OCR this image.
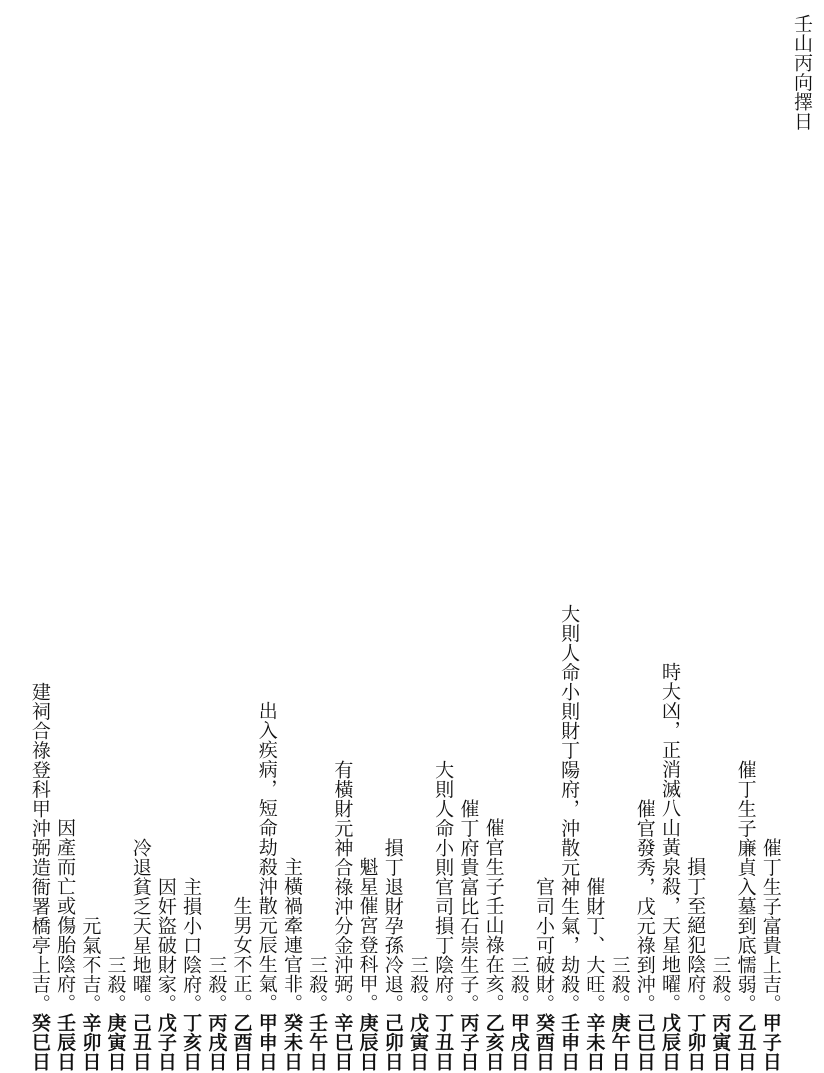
壬山丙向擇日
甲子日
催丁生子富貴上吉。
乙丑日
催丁生子廉貞入墓到底懦弱。
丙寅日
三殺。
丁卯日
損丁至絕犯陰府。
戊辰日
時大凶，正消滅八山黃泉殺，天星地曜。
己巳日
催官發秀，戊元祿到沖。
庚午日
三殺。
辛未日
催財丁、大旺。
壬申日
大則人命小則財丁陽府，沖散元神生氣，劫殺。
癸酉日
官司小可破財。
甲戌日
三殺。
乙亥日
催官生子壬山祿在亥。
丙子日
催丁府貴富比石崇生子。
丁丑日
大則人命小則官司損丁陰府。
戊寅日
三殺。
己卯日
損丁退財孕孫冷退。
庚辰日
魁星催宮登科甲。
辛巳日
有橫財元神合祿沖分金沖弼。
壬午日
三殺。
癸未日
主橫禍牽連官非。
甲申日
出入疾病，短命劫殺沖散元辰生氣。
乙酉日
生男女不正。
丙戌日
三殺。
丁亥日
主損小口陰府。
戊子日
因奸盜破財家。
己丑日
冷退貧乏天星地曜。
庚寅日
三殺。
辛卯日
元氣不吉。
壬辰日
因產而亡或傷胎陰府。
癸巳日
建祠合祿登科甲沖弼造衙署橋亭上吉。
